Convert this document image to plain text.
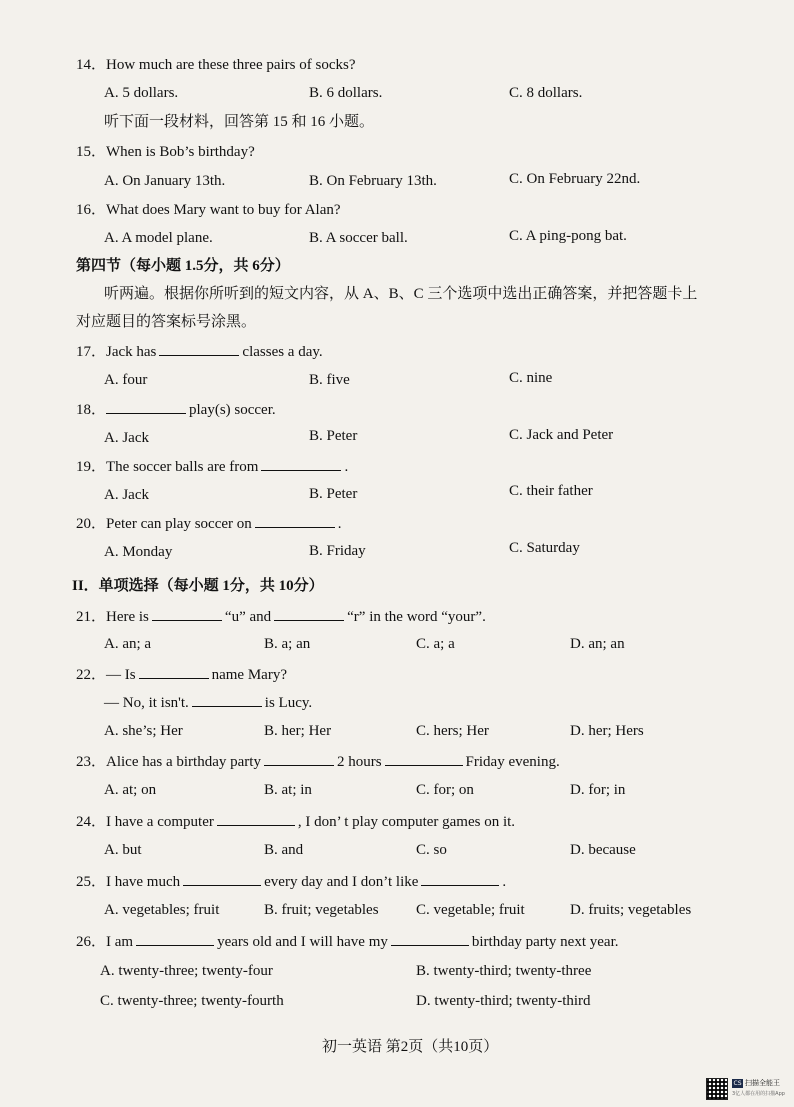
14．How much are these three pairs of socks?
A. 5 dollars.	B. 6 dollars.	C. 8 dollars.
听下面一段材料，回答第 15 和 16 小题。
15．When is Bob’s birthday?
A. On January 13th.	B. On February 13th.	C. On February 22nd.
16．What does Mary want to buy for Alan?
A. A model plane.	B. A soccer ball.	C. A ping-pong bat.
第四节（每小题 1.5分，共 6分）
听两遍。根据你所听到的短文内容，从 A、B、C 三个选项中选出正确答案，并把答题卡上
对应题目的答案标号涂黑。
17．Jack has	classes a day.
A. four	B. five	C. nine
18．	play(s) soccer.
A. Jack	B. Peter	C. Jack and Peter
19．The soccer balls are from	.
A. Jack	B. Peter	C. their father
20．Peter can play soccer on	.
A. Monday	B. Friday	C. Saturday
II．单项选择（每小题 1分，共 10分）
21．Here is	“u” and	“r” in the word “your”.
A. an; a	B. a; an	C. a; a	D. an; an
22．— Is	name Mary?
— No, it isn't.	is Lucy.
A. she’s; Her	B. her; Her	C. hers; Her	D. her; Hers
23．Alice has a birthday party	2 hours	Friday evening.
A. at; on	B. at; in	C. for; on	D. for; in
24．I have a computer	, I don’ t play computer games on it.
A. but	B. and	C. so	D. because
25．I have much	every day and I don’t like	.
A. vegetables; fruit	B. fruit; vegetables C. vegetable; fruit	D. fruits; vegetables
26．I am	years old and I will have my	birthday party next year.
A. twenty-three; twenty-four	B. twenty-third; twenty-three
C. twenty-three; twenty-fourth	D. twenty-third; twenty-third
初一英语 第2页（共10页）
CS 扫描全能王
3亿人都在用的扫描App
